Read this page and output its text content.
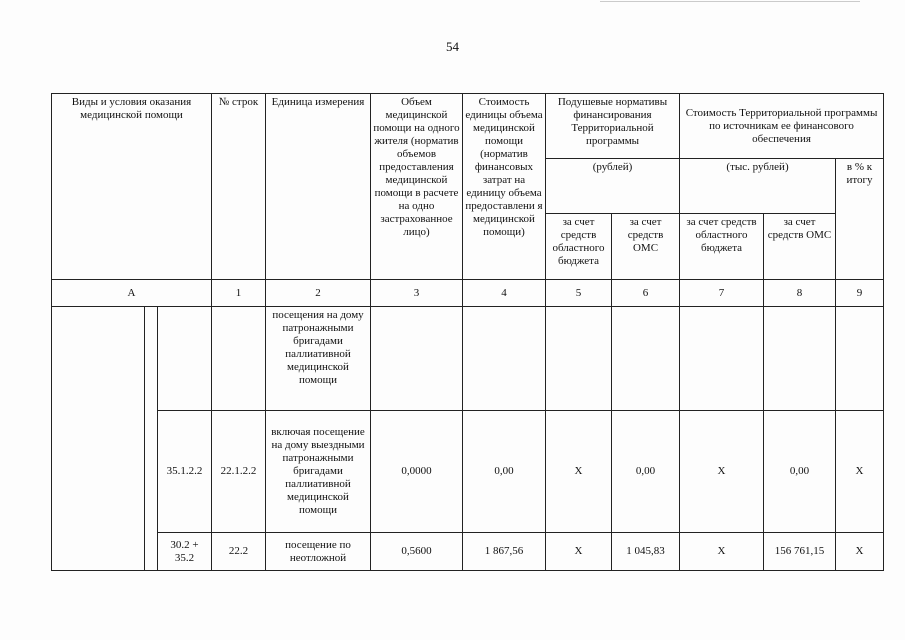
54
Виды и условия оказания медицинской помощи			№ строк	Единица измерения	Объем медицинской помощи на одного жителя (норматив объемов предоставления медицинской помощи в расчете на одно застрахованное лицо)	Стоимость единицы объема медицинской помощи (норматив финансовых затрат на единицу объема предоставлени я медицинской помощи)	Подушевые нормативы финансирования Территориальной программы		Стоимость Территориальной программы по источникам ее финансового обеспечения		
							(рублей)		(тыс. рублей)		в % к итогу
							за счет средств областного бюджета	за счет средств ОМС	за счет средств областного бюджета	за счет средств ОМС	
А			1	2	3	4	5	6	7	8	9
				посещения на дому патронажными бригадами паллиативной медицинской помощи							
		35.1.2.2	22.1.2.2	включая посещение на дому выездными патронажными бригадами паллиативной медицинской помощи	0,0000	0,00	X	0,00	X	0,00	X
		30.2 + 35.2	22.2	посещение по неотложной	0,5600	1 867,56	X	1 045,83	X	156 761,15	X
